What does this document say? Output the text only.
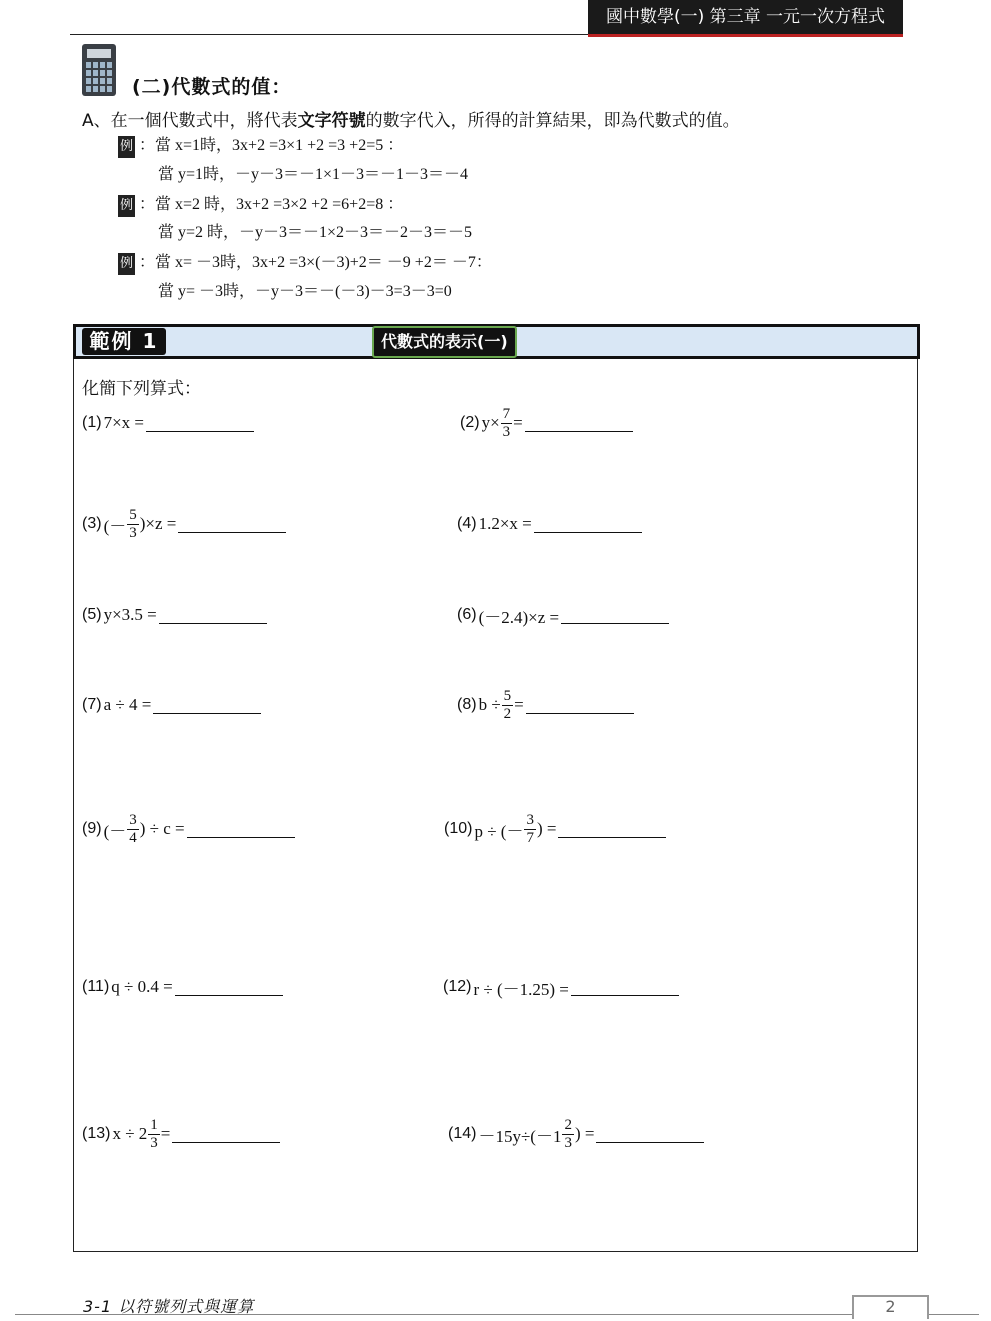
國中數學(一) 第三章 一元一次方程式
(二)代數式的值：
A、在一個代數式中，將代表文字符號的數字代入，所得的計算結果，即為代數式的值。
例 ：當 x=1時，3x+2 =3×1 +2 =3 +2=5 ：
當 y=1時，－y－3＝－1×1－3＝－1－3＝－4
例 ：當 x=2 時，3x+2 =3×2 +2 =6+2=8 ：
當 y=2 時，－y－3＝－1×2－3＝－2－3＝－5
例 ：當 x= －3時，3x+2 =3×(－3)+2＝ －9 +2＝ －7：
當 y= －3時，－y－3＝－(－3)－3=3－3=0
範例 1	代數式的表示(一)
化簡下列算式：
(1) 7×x =	(2) $y\times \frac{7}{3}$ =
(3) (－ $\frac{5}{3} )\times z$ =	(4) 1.2×x =
(5) y×3.5 =	(6) (－2.4)×z =
(7) a ÷ 4 =	(8) $b \div \frac{5}{2}$ =
(9) (－ $\frac{3}{4}$ ) ÷ c =	(10) p ÷ (－ $\frac{3}{7}$ ) =
(11) q ÷ 0.4 =	(12) r ÷ (－1.25) =
(13) $x \div 2 \frac{1}{3}$ =	$(14) -15y\div(-1 \frac{2}{3}$ ) =
3-1 以符號列式與運算	2
